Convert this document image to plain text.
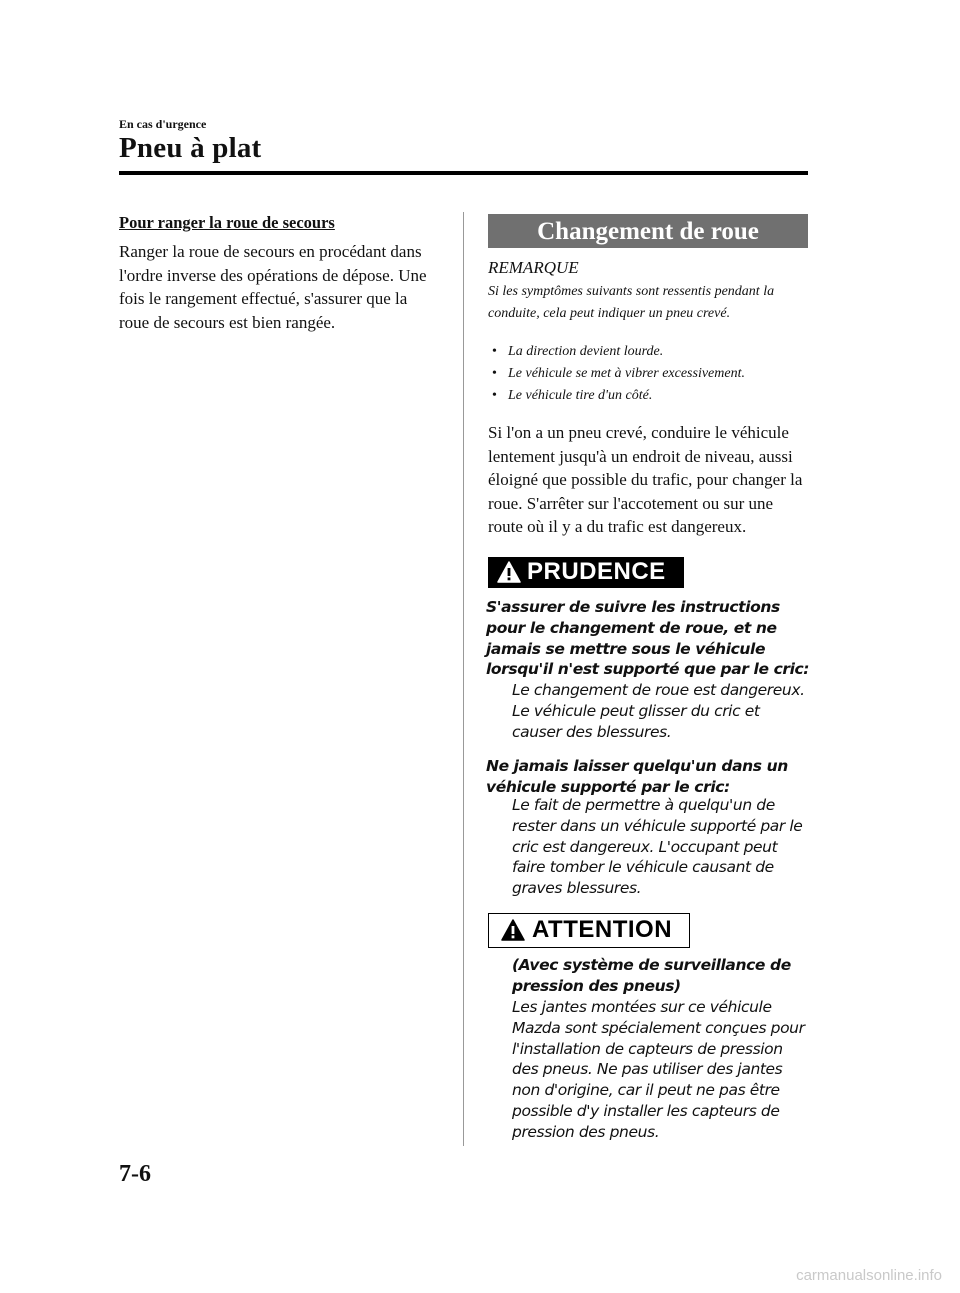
En cas d'urgence
Pneu à plat
Pour ranger la roue de secours
Ranger la roue de secours en procédant dans l'ordre inverse des opérations de dépose. Une fois le rangement effectué, s'assurer que la roue de secours est bien rangée.
Changement de roue
REMARQUE
Si les symptômes suivants sont ressentis pendant la conduite, cela peut indiquer un pneu crevé.
• La direction devient lourde.
• Le véhicule se met à vibrer excessivement.
• Le véhicule tire d'un côté.
Si l'on a un pneu crevé, conduire le véhicule lentement jusqu'à un endroit de niveau, aussi éloigné que possible du trafic, pour changer la roue. S'arrêter sur l'accotement ou sur une route où il y a du trafic est dangereux.
PRUDENCE
S'assurer de suivre les instructions pour le changement de roue, et ne jamais se mettre sous le véhicule lorsqu'il n'est supporté que par le cric:
Le changement de roue est dangereux. Le véhicule peut glisser du cric et causer des blessures.
Ne jamais laisser quelqu'un dans un véhicule supporté par le cric:
Le fait de permettre à quelqu'un de rester dans un véhicule supporté par le cric est dangereux. L'occupant peut faire tomber le véhicule causant de graves blessures.
ATTENTION
(Avec système de surveillance de pression des pneus)
Les jantes montées sur ce véhicule Mazda sont spécialement conçues pour l'installation de capteurs de pression des pneus. Ne pas utiliser des jantes non d'origine, car il peut ne pas être possible d'y installer les capteurs de pression des pneus.
7-6
carmanualsonline.info
